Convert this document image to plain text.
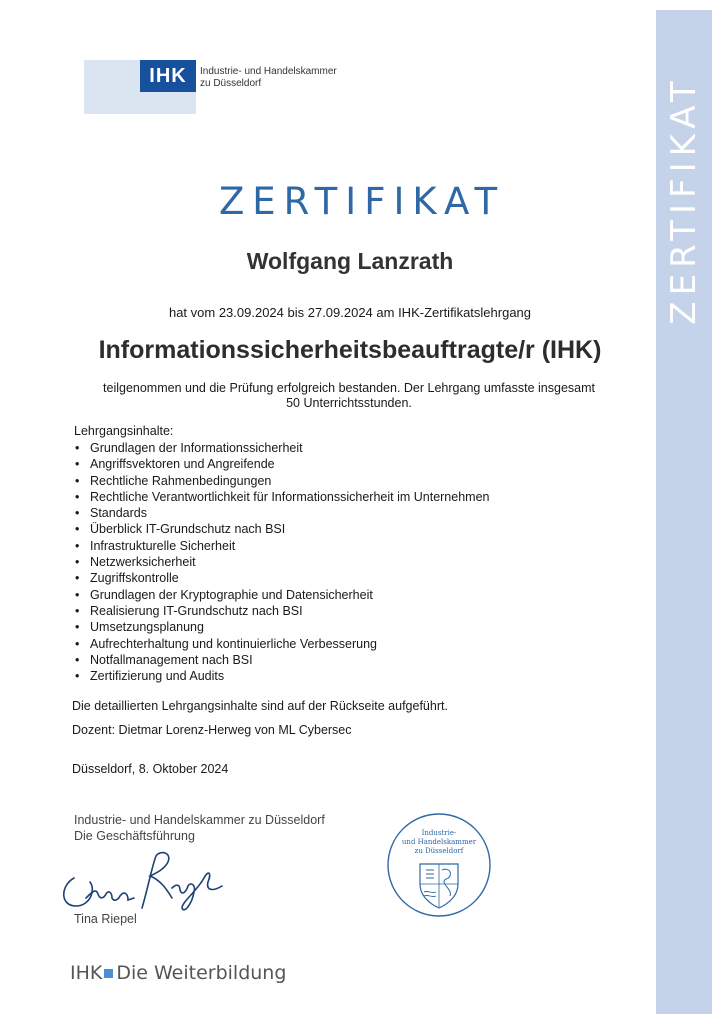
ZERTIFIKAT
IHK	Industrie- und Handelskammer
zu Düsseldorf
ZERTIFIKAT
Wolfgang Lanzrath
hat vom 23.09.2024 bis 27.09.2024 am IHK-Zertifikatslehrgang
Informationssicherheitsbeauftragte/r (IHK)
teilgenommen und die Prüfung erfolgreich bestanden. Der Lehrgang umfasste insgesamt
50 Unterrichtsstunden.
Lehrgangsinhalte:
• Grundlagen der Informationssicherheit
• Angriffsvektoren und Angreifende
• Rechtliche Rahmenbedingungen
• Rechtliche Verantwortlichkeit für Informationssicherheit im Unternehmen
• Standards
• Überblick IT-Grundschutz nach BSI
• Infrastrukturelle Sicherheit
• Netzwerksicherheit
• Zugriffskontrolle
• Grundlagen der Kryptographie und Datensicherheit
• Realisierung IT-Grundschutz nach BSI
• Umsetzungsplanung
• Aufrechterhaltung und kontinuierliche Verbesserung
• Notfallmanagement nach BSI
• Zertifizierung und Audits
Die detaillierten Lehrgangsinhalte sind auf der Rückseite aufgeführt.
Dozent: Dietmar Lorenz-Herweg von ML Cybersec
Düsseldorf, 8. Oktober 2024
Industrie- und Handelskammer zu Düsseldorf
Die Geschäftsführung
Tina Riepel
Industrie-
und Handelskammer
zu Düsseldorf
IHK Die Weiterbildung
